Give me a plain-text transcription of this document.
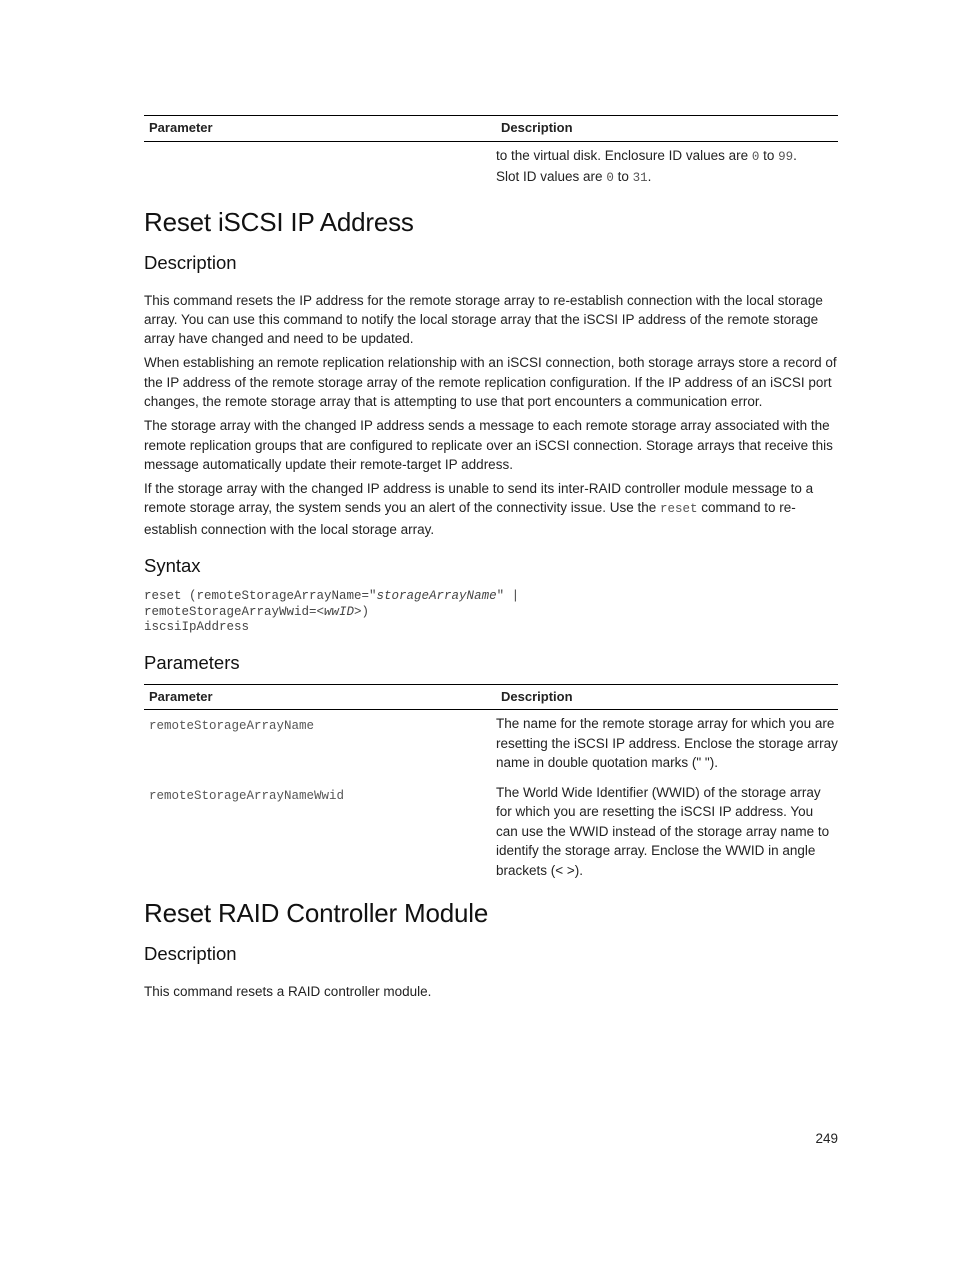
Parameter	Description
	to the virtual disk. Enclosure ID values are 0 to 99.
Slot ID values are 0 to 31.
Reset iSCSI IP Address
Description

This command resets the IP address for the remote storage array to re-establish connection with the local storage array. You can use this command to notify the local storage array that the iSCSI IP address of the remote storage array have changed and need to be updated.

When establishing an remote replication relationship with an iSCSI connection, both storage arrays store a record of the IP address of the remote storage array of the remote replication configuration. If the IP address of an iSCSI port changes, the remote storage array that is attempting to use that port encounters a communication error.

The storage array with the changed IP address sends a message to each remote storage array associated with the remote replication groups that are configured to replicate over an iSCSI connection. Storage arrays that receive this message automatically update their remote-target IP address.

If the storage array with the changed IP address is unable to send its inter-RAID controller module message to a remote storage array, the system sends you an alert of the connectivity issue. Use the reset command to re-establish connection with the local storage array.

Syntax
reset (remoteStorageArrayName="storageArrayName" |
remoteStorageArrayWwid=<wwID>)
iscsiIpAddress
Parameters
Parameter	Description
remoteStorageArrayName	The name for the remote storage array for which you are resetting the iSCSI IP address. Enclose the storage array name in double quotation marks (" ").
remoteStorageArrayNameWwid	The World Wide Identifier (WWID) of the storage array for which you are resetting the iSCSI IP address. You can use the WWID instead of the storage array name to identify the storage array. Enclose the WWID in angle brackets (< >).
Reset RAID Controller Module
Description

This command resets a RAID controller module.

249
